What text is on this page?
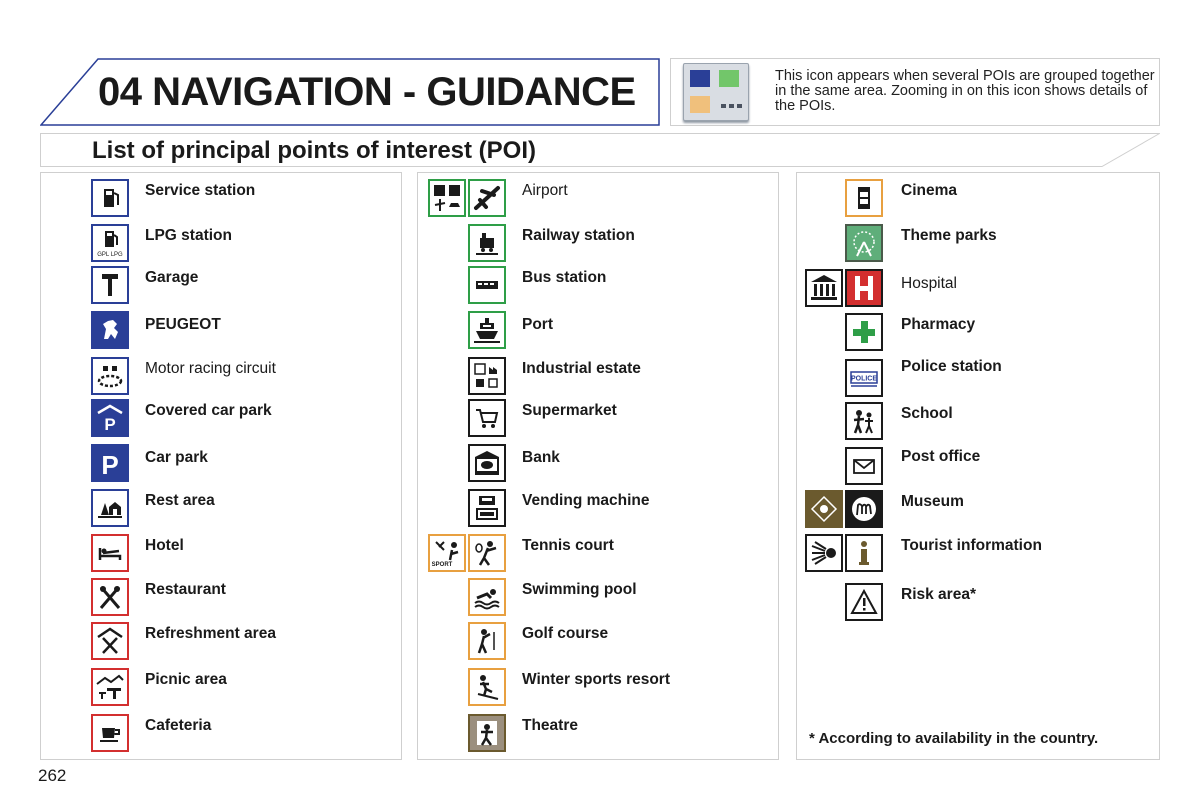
04 NAVIGATION - GUIDANCE	This icon appears when several POIs are grouped together in the same area. Zooming in on this icon shows details of the POIs.
List of principal points of interest (POI)
Service station
GPL LPG
LPG station
Garage
PEUGEOT
Motor racing circuit
P
Covered car park
P Car park
Rest area
Hotel
Restaurant
Refreshment area
Picnic area
Cafeteria
Airport
Railway station
Bus station
Port
Industrial estate
Supermarket
Bank
Vending machine
SPORT
Tennis court
Swimming pool
Golf course
Winter sports resort
Theatre
Cinema
Theme parks
Hospital
Pharmacy
POLICE
Police station
School
Post office
Museum
Tourist information
Risk area*
* According to availability in the country.
262
